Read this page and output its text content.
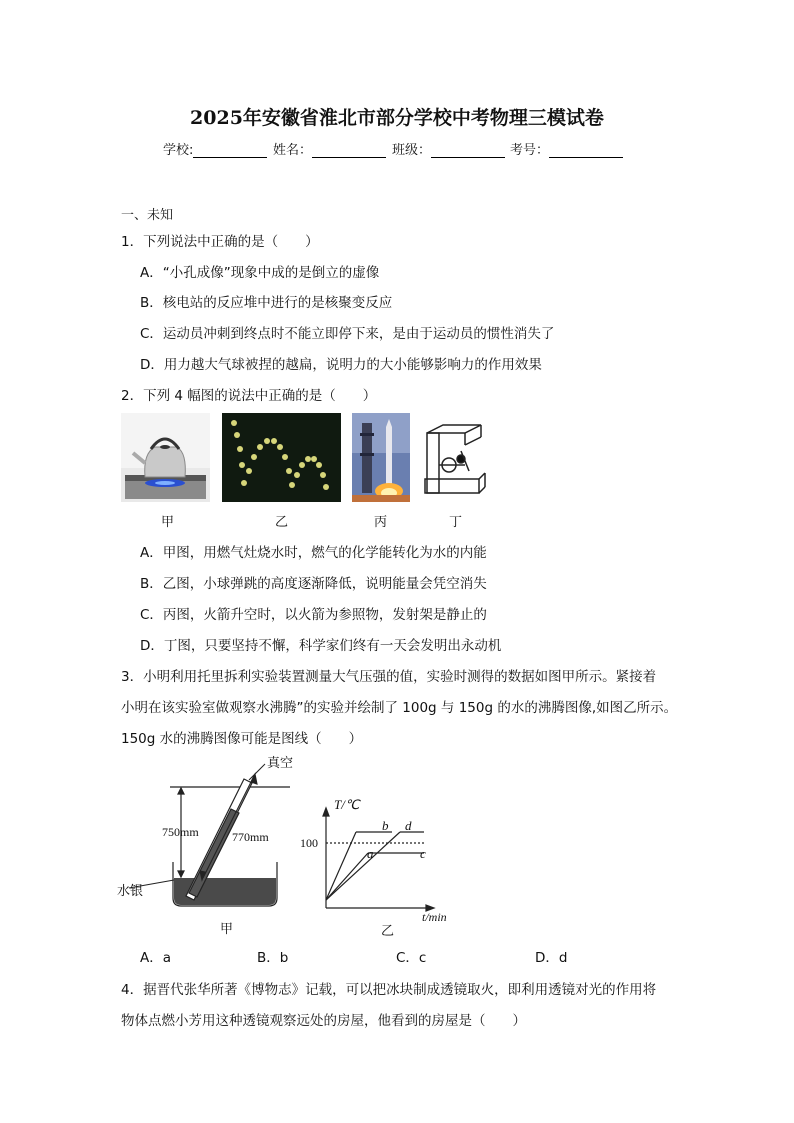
2025年安徽省淮北市部分学校中考物理三模试卷
学校:	姓名：	班级：	考号：
一、未知
1．下列说法中正确的是（　　）
A．“小孔成像”现象中成的是倒立的虚像
B．核电站的反应堆中进行的是核聚变反应
C．运动员冲刺到终点时不能立即停下来，是由于运动员的惯性消失了
D．用力越大气球被捏的越扁，说明力的大小能够影响力的作用效果
2．下列 4 幅图的说法中正确的是（　　）
甲	乙	丙	丁
A．甲图，用燃气灶烧水时，燃气的化学能转化为水的内能
B．乙图，小球弹跳的高度逐渐降低，说明能量会凭空消失
C．丙图，火箭升空时，以火箭为参照物，发射架是静止的
D．丁图，只要坚持不懈，科学家们终有一天会发明出永动机
3．小明利用托里拆利实验装置测量大气压强的值，实验时测得的数据如图甲所示。紧接着
小明在该实验室做观察水沸腾”的实验并绘制了 100g 与 150g 的水的沸腾图像,如图乙所示。
150g 水的沸腾图像可能是图线（　　）
真空
750mm	770mm
水银
甲
T/℃
100
b d
a	c
t/min
乙
A．a	B．b	C．c	D．d
4．据晋代张华所著《博物志》记载，可以把冰块制成透镜取火，即利用透镜对光的作用将
物体点燃小芳用这种透镜观察远处的房屋，他看到的房屋是（　　）
